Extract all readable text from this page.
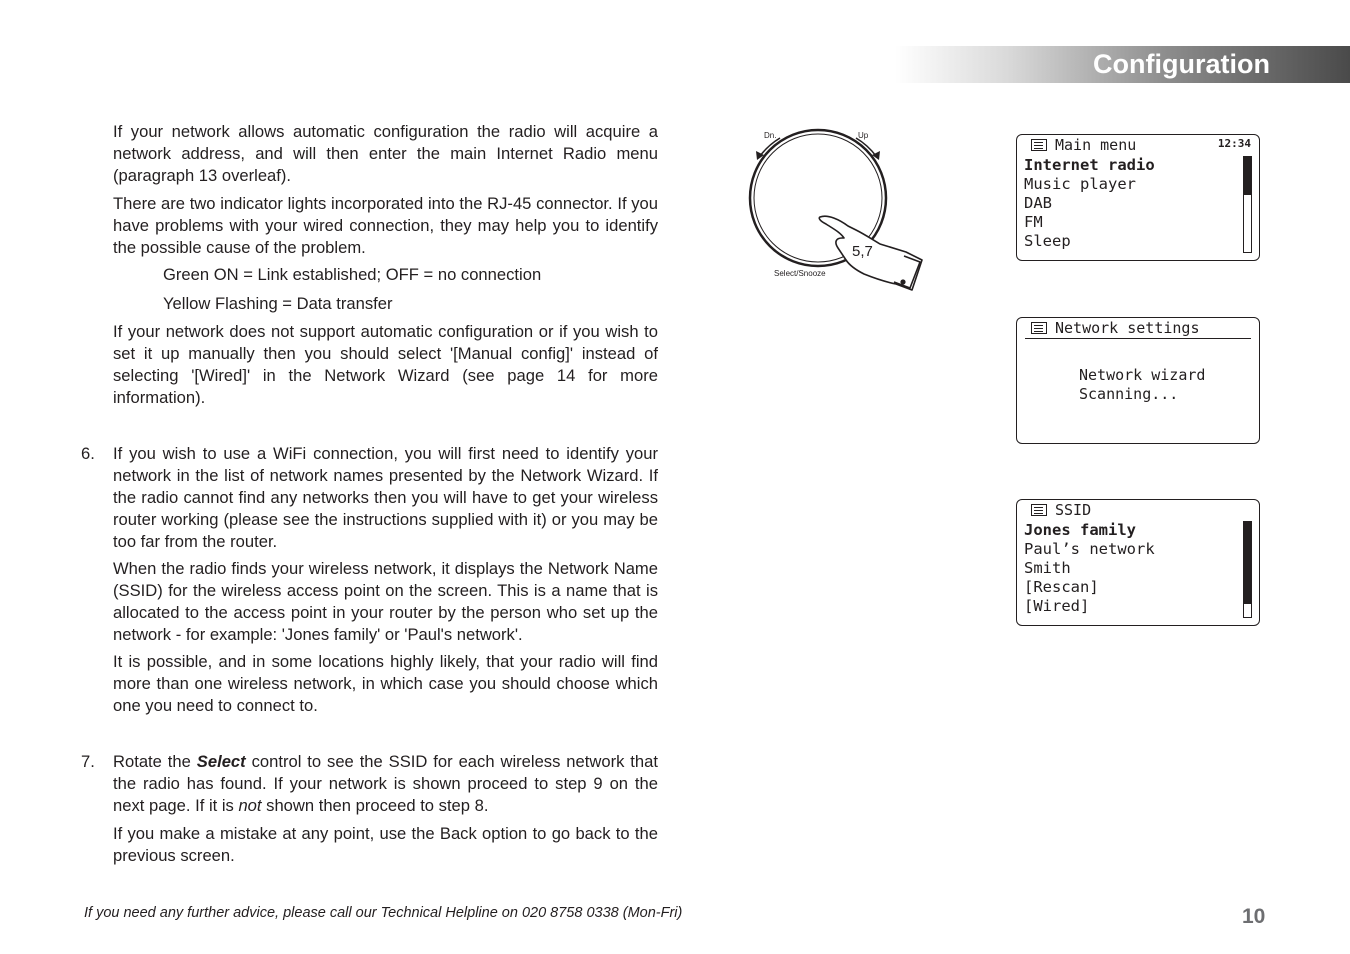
Configuration

If your network allows automatic configuration the radio will acquire a network address, and will then enter the main Internet Radio menu (paragraph 13 overleaf).

There are two indicator lights incorporated into the RJ-45 connector. If you have problems with your wired connection, they may help you to identify the possible cause of the problem.

Green ON = Link established; OFF = no connection

Yellow Flashing = Data transfer

If your network does not support automatic configuration or if you wish to set it up manually then you should select '[Manual config]' instead of selecting '[Wired]' in the Network Wizard (see page 14 for more information).

6. If you wish to use a WiFi connection, you will first need to identify your network in the list of network names presented by the Network Wizard. If the radio cannot find any networks then you will have to get your wireless router working (please see the instructions supplied with it) or you may be too far from the router.

When the radio finds your wireless network, it displays the Network Name (SSID) for the wireless access point on the screen. This is a name that is allocated to the access point in your router by the person who set up the network - for example: 'Jones family' or 'Paul's network'.

It is possible, and in some locations highly likely, that your radio will find more than one wireless network, in which case you should choose which one you need to connect to.

7. Rotate the Select control to see the SSID for each wireless network that the radio has found. If your network is shown proceed to step 9 on the next page. If it is not shown then proceed to step 8.

If you make a mistake at any point, use the Back option to go back to the previous screen.

Dn.	Up
Select/Snooze
5,7
Main menu	12:34
Internet radio
Music player
DAB
FM
Sleep
Network settings
Network wizard
Scanning...
SSID
Jones family
Paul’s network
Smith
[Rescan]
[Wired]
If you need any further advice, please call our Technical Helpline on 020 8758 0338 (Mon-Fri)	10
